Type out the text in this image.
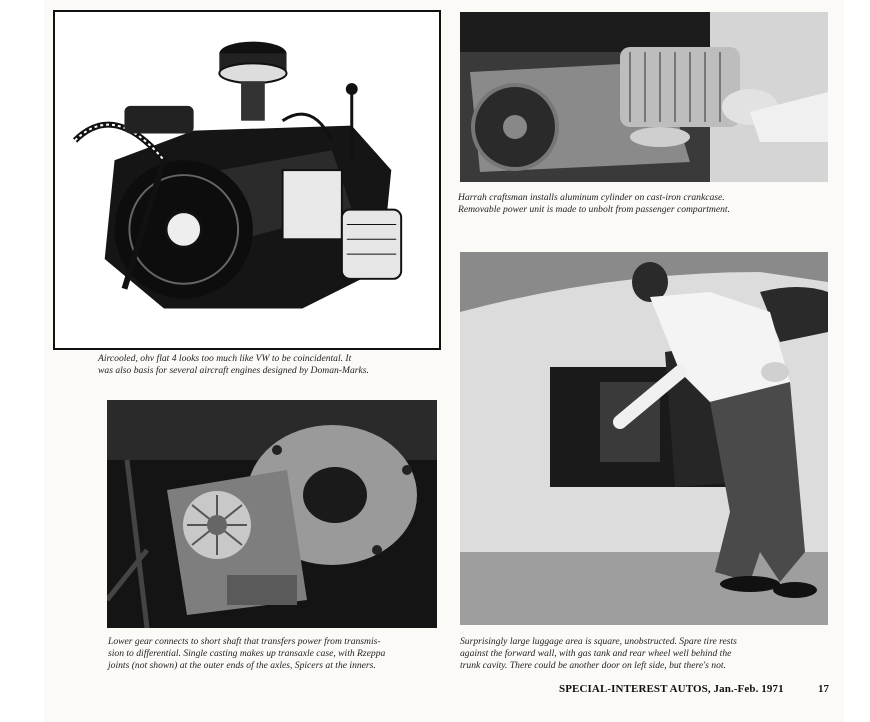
Aircooled, ohv flat 4 looks too much like VW to be coincidental. It
was also basis for several aircraft engines designed by Doman-Marks.
Harrah craftsman installs aluminum cylinder on cast-iron crankcase.
Removable power unit is made to unbolt from passenger compartment.
Lower gear connects to short shaft that transfers power from transmis-
sion to differential. Single casting makes up transaxle case, with Rzeppa
joints (not shown) at the outer ends of the axles, Spicers at the inners.
Surprisingly large luggage area is square, unobstructed. Spare tire rests
against the forward wall, with gas tank and rear wheel well behind the
trunk cavity. There could be another door on left side, but there's not.
SPECIAL-INTEREST AUTOS, Jan.-Feb. 1971	17
